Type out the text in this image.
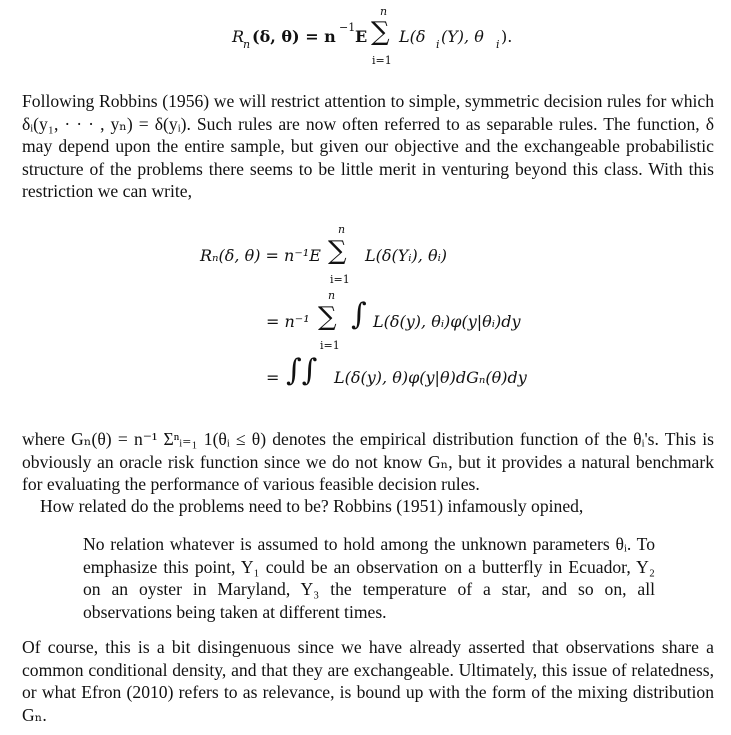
R
n (δ, θ) = n −1 E
n
∑
i=1
L(δ i (Y), θ i ).

Following Robbins (1956) we will restrict attention to simple, symmetric decision rules for which δᵢ(y₁, · · · , yₙ) = δ(yᵢ). Such rules are now often referred to as separable rules. The function, δ may depend upon the entire sample, but given our objective and the exchangeable probabilistic structure of the problems there seems to be little merit in venturing beyond this class. With this restriction we can write,

Rₙ(δ, θ) = n⁻¹E
n
∑
i=1
L(δ(Yᵢ), θᵢ)
= n⁻¹
n
∑
i=1
∫ L(δ(y), θᵢ)φ(y|θᵢ)dy
= ∫∫ L(δ(y), θ)φ(y|θ)dGₙ(θ)dy

where Gₙ(θ) = n⁻¹ Σⁿᵢ₌₁ 1(θᵢ ≤ θ) denotes the empirical distribution function of the θᵢ's. This is obviously an oracle risk function since we do not know Gₙ, but it provides a natural benchmark for evaluating the performance of various feasible decision rules.

How related do the problems need to be? Robbins (1951) infamously opined,

No relation whatever is assumed to hold among the unknown parameters θᵢ. To emphasize this point, Y₁ could be an observation on a butterfly in Ecuador, Y₂ on an oyster in Maryland, Y₃ the temperature of a star, and so on, all observations being taken at different times.

Of course, this is a bit disingenuous since we have already asserted that observations share a common conditional density, and that they are exchangeable. Ultimately, this issue of relatedness, or what Efron (2010) refers to as relevance, is bound up with the form of the mixing distribution Gₙ.
